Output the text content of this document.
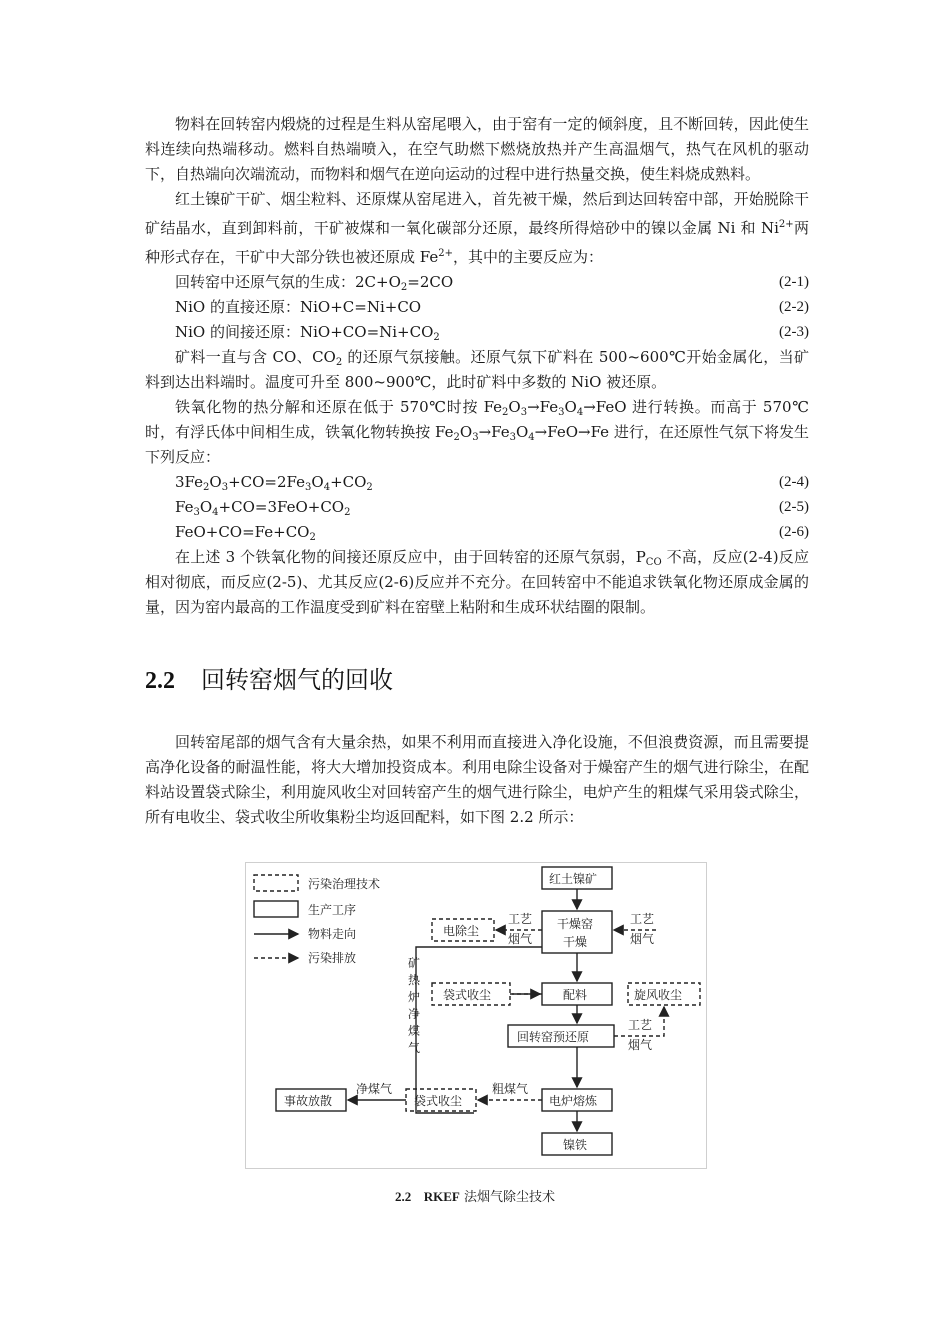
物料在回转窑内煅烧的过程是生料从窑尾喂入，由于窑有一定的倾斜度，且不断回转，因此使生料连续向热端移动。燃料自热端喷入，在空气助燃下燃烧放热并产生高温烟气，热气在风机的驱动下，自热端向次端流动，而物料和烟气在逆向运动的过程中进行热量交换，使生料烧成熟料。

红土镍矿干矿、烟尘粒料、还原煤从窑尾进入，首先被干燥，然后到达回转窑中部，开始脱除干矿结晶水，直到卸料前，干矿被煤和一氧化碳部分还原，最终所得焙砂中的镍以金属 Ni 和 $Ni^{2+}$两种形式存在，干矿中大部分铁也被还原成 $Fe^{2+}$，其中的主要反应为：

回转窑中还原气氛的生成：$2C+O_2=2CO$	(2-1)
NiO 的直接还原：NiO+C=Ni+CO	(2-2)
NiO 的间接还原：$NiO+CO=Ni+CO_2$	(2-3)

矿料一直与含 CO、$CO_2$ 的还原气氛接触。还原气氛下矿料在 500~600℃开始金属化，当矿料到达出料端时。温度可升至 800~900℃，此时矿料中多数的 NiO 被还原。

铁氧化物的热分解和还原在低于 570℃时按 $Fe_2O_3\to Fe_3O_4\to FeO$ 进行转换。而高于 570℃时，有浮氏体中间相生成，铁氧化物转换按 $Fe_2O_3\to Fe_3O_4\to FeO\to Fe$ 进行，在还原性气氛下将发生下列反应：

$3Fe_2O_3+CO=2Fe_3O_4+CO_2$	(2-4)
$Fe_3O_4+CO=3FeO+CO_2$	(2-5)
$FeO+CO=Fe+CO_2$	(2-6)

在上述 3 个铁氧化物的间接还原反应中，由于回转窑的还原气氛弱，$P_{CO}$ 不高，反应(2-4)反应相对彻底，而反应(2-5)、尤其反应(2-6)反应并不充分。在回转窑中不能追求铁氧化物还原成金属的量，因为窑内最高的工作温度受到矿料在窑壁上粘附和生成环状结圈的限制。

2.2 回转窑烟气的回收

回转窑尾部的烟气含有大量余热，如果不利用而直接进入净化设施，不但浪费资源，而且需要提高净化设备的耐温性能，将大大增加投资成本。利用电除尘设备对于燥窑产生的烟气进行除尘，在配料站设置袋式除尘，利用旋风收尘对回转窑产生的烟气进行除尘，电炉产生的粗煤气采用袋式除尘，所有电收尘、袋式收尘所收集粉尘均返回配料，如下图 2.2 所示：

污染治理技术
生产工序
物料走向
污染排放
红土镍矿
干燥窑
干燥
电除尘
配料
袋式收尘	旋风收尘
回转窑预还原
电炉熔炼
袋式收尘
事故放散
镍铁
工艺
烟气
工艺
烟气
工艺
烟气
粗煤气
净煤气
矿
热
炉
净
煤
气
2.2 RKEF 法烟气除尘技术
